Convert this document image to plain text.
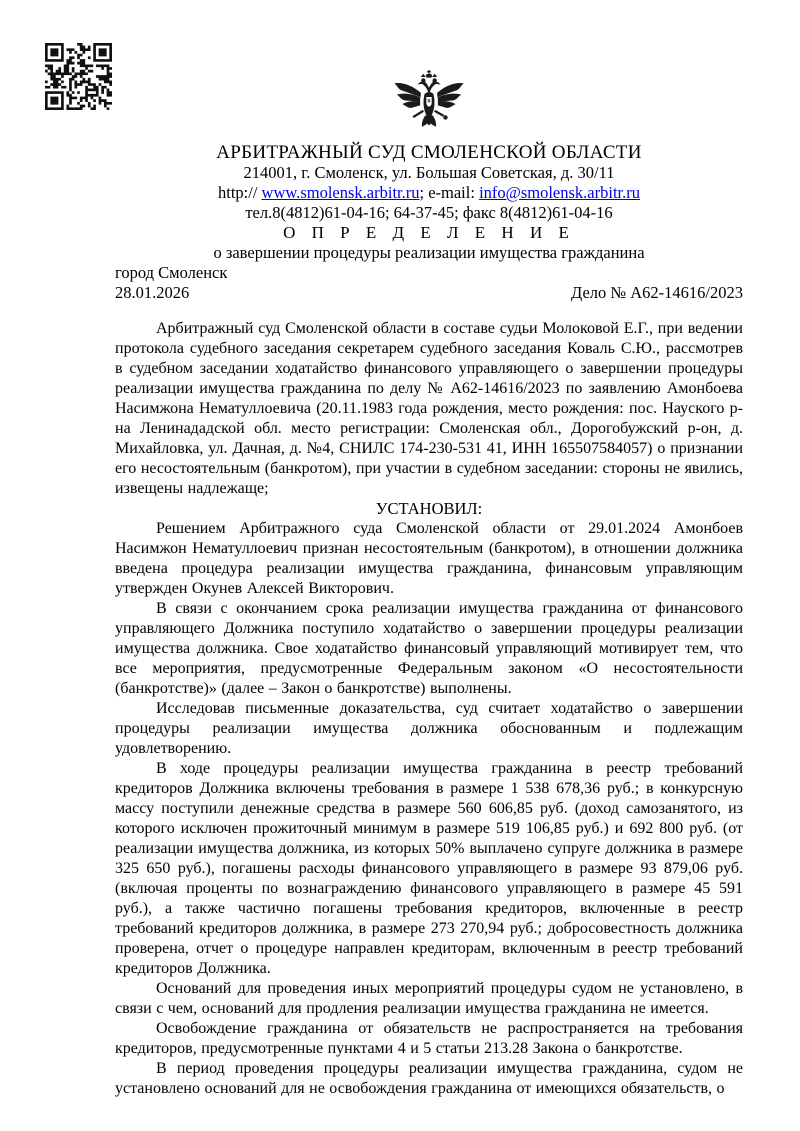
АРБИТРАЖНЫЙ СУД СМОЛЕНСКОЙ ОБЛАСТИ
214001, г. Смоленск, ул. Большая Советская, д. 30/11
http:// www.smolensk.arbitr.ru; e-mail: info@smolensk.arbitr.ru
тел.8(4812)61-04-16; 64-37-45; факс 8(4812)61-04-16
О П Р Е Д Е Л Е Н И Е
о завершении процедуры реализации имущества гражданина
город Смоленск
28.01.2026	Дело № А62-14616/2023

Арбитражный суд Смоленской области в составе судьи Молоковой Е.Г., при ведении протокола судебного заседания секретарем судебного заседания Коваль С.Ю., рассмотрев в судебном заседании ходатайство финансового управляющего о завершении процедуры реализации имущества гражданина по делу № А62-14616/2023 по заявлению Амонбоева Насимжона Нематуллоевича (20.11.1983 года рождения, место рождения: пос. Науского р-на Ленинададской обл. место регистрации: Смоленская обл., Дорогобужский р-он, д. Михайловка, ул. Дачная, д. №4, СНИЛС 174-230-531 41, ИНН 165507584057) о признании его несостоятельным (банкротом), при участии в судебном заседании: стороны не явились, извещены надлежаще;

УСТАНОВИЛ:

Решением Арбитражного суда Смоленской области от 29.01.2024 Амонбоев Насимжон Нематуллоевич признан несостоятельным (банкротом), в отношении должника введена процедура реализации имущества гражданина, финансовым управляющим утвержден Окунев Алексей Викторович.

В связи с окончанием срока реализации имущества гражданина от финансового управляющего Должника поступило ходатайство о завершении процедуры реализации имущества должника. Свое ходатайство финансовый управляющий мотивирует тем, что все мероприятия, предусмотренные Федеральным законом «О несостоятельности (банкротстве)» (далее – Закон о банкротстве) выполнены.

Исследовав письменные доказательства, суд считает ходатайство о завершении процедуры реализации имущества должника обоснованным и подлежащим удовлетворению.

В ходе процедуры реализации имущества гражданина в реестр требований кредиторов Должника включены требования в размере 1 538 678,36 руб.; в конкурсную массу поступили денежные средства в размере 560 606,85 руб. (доход самозанятого, из которого исключен прожиточный минимум в размере 519 106,85 руб.) и 692 800 руб. (от реализации имущества должника, из которых 50% выплачено супруге должника в размере 325 650 руб.), погашены расходы финансового управляющего в размере 93 879,06 руб. (включая проценты по вознаграждению финансового управляющего в размере 45 591 руб.), а также частично погашены требования кредиторов, включенные в реестр требований кредиторов должника, в размере 273 270,94 руб.; добросовестность должника проверена, отчет о процедуре направлен кредиторам, включенным в реестр требований кредиторов Должника.

Оснований для проведения иных мероприятий процедуры судом не установлено, в связи с чем, оснований для продления реализации имущества гражданина не имеется.

Освобождение гражданина от обязательств не распространяется на требования кредиторов, предусмотренные пунктами 4 и 5 статьи 213.28 Закона о банкротстве.

В период проведения процедуры реализации имущества гражданина, судом не установлено оснований для не освобождения гражданина от имеющихся обязательств, о
